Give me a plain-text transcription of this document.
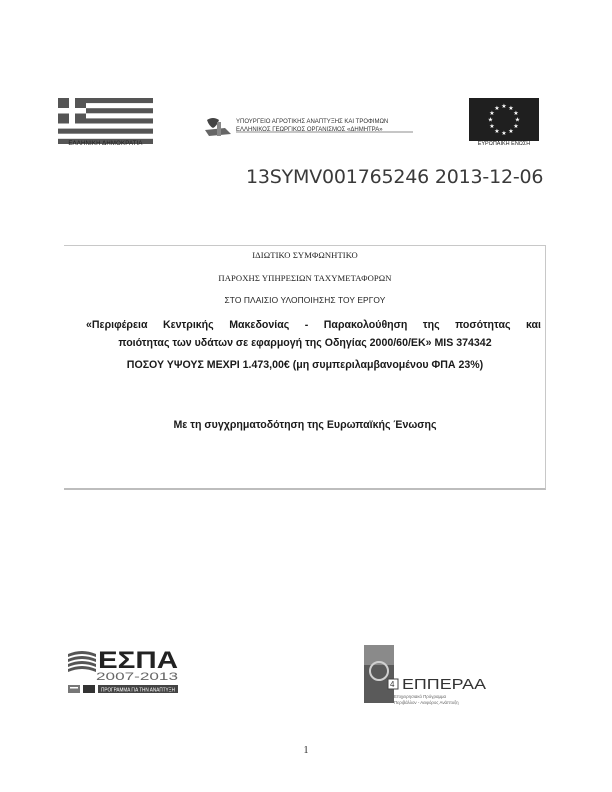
ΕΛΛΗΝΙΚΗ ΔΗΜΟΚΡΑΤΙΑ
ΥΠΟΥΡΓΕΙΟ ΑΓΡΟΤΙΚΗΣ ΑΝΑΠΤΥΞΗΣ ΚΑΙ ΤΡΟΦΙΜΩΝ
ΕΛΛΗΝΙΚΟΣ ΓΕΩΡΓΙΚΟΣ ΟΡΓΑΝΙΣΜΟΣ «ΔΗΜΗΤΡΑ»
★ ★
★
★
★
★
★
★
★
★
★
★
ΕΥΡΩΠΑΪΚΗ ΕΝΩΣΗ
13SYMV001765246 2013-12-06
ΙΔΙΩΤΙΚΟ ΣΥΜΦΩΝΗΤΙΚΟ
ΠΑΡΟΧΗΣ ΥΠΗΡΕΣΙΩΝ ΤΑΧΥΜΕΤΑΦΟΡΩΝ
ΣΤΟ ΠΛΑΙΣΙΟ ΥΛΟΠΟΙΗΣΗΣ ΤΟΥ ΕΡΓΟΥ
«Περιφέρεια Κεντρικής Μακεδονίας - Παρακολούθηση της ποσότητας και
ποιότητας των υδάτων σε εφαρμογή της Οδηγίας 2000/60/ΕΚ» MIS 374342
ΠΟΣΟΥ ΥΨΟΥΣ ΜΕΧΡΙ 1.473,00€ (μη συμπεριλαμβανομένου ΦΠΑ 23%)
Με τη συγχρηματοδότηση της Ευρωπαϊκής Ένωσης
ΕΣΠΑ
2007-2013
ΠΡΟΓΡΑΜΜΑ ΓΙΑ ΤΗΝ ΑΝΑΠΤΥΞΗ
4 ΕΠΠΕΡΑΑ
Επιχειρησιακό Πρόγραμμα
Περιβάλλον - Αειφόρος Ανάπτυξη
1
